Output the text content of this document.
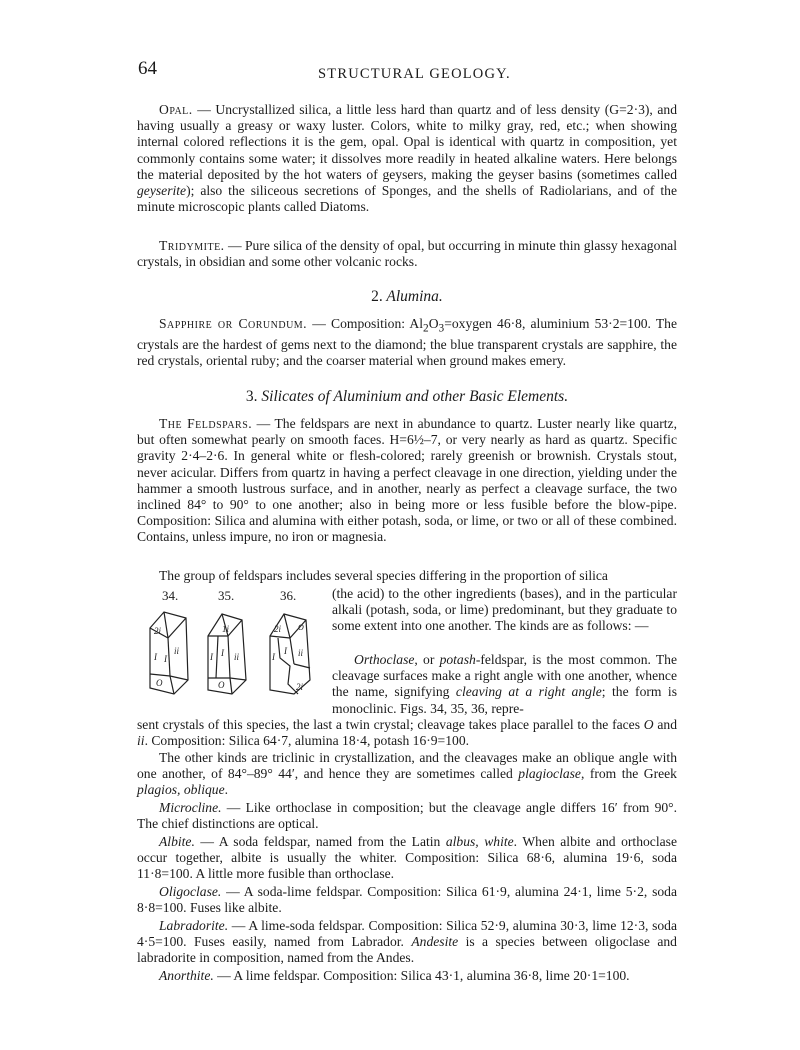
64	STRUCTURAL GEOLOGY.

Opal. — Uncrystallized silica, a little less hard than quartz and of less density (G=2·3), and having usually a greasy or waxy luster. Colors, white to milky gray, red, etc.; when showing internal colored reflections it is the gem, opal. Opal is identical with quartz in composition, yet commonly contains some water; it dissolves more readily in heated alkaline waters. Here belongs the material deposited by the hot waters of geysers, making the geyser basins (sometimes called geyserite); also the siliceous secretions of Sponges, and the shells of Radiolarians, and of the minute microscopic plants called Diatoms.

Tridymite. — Pure silica of the density of opal, but occurring in minute thin glassy hexagonal crystals, in obsidian and some other volcanic rocks.

2. Alumina.

Sapphire or Corundum. — Composition: $Al_2O_3=oxygen$ 46·8, aluminium 53·2=100. The crystals are the hardest of gems next to the diamond; the blue transparent crystals are sapphire, the red crystals, oriental ruby; and the coarser material when ground makes emery.

3. Silicates of Aluminium and other Basic Elements.

The Feldspars. — The feldspars are next in abundance to quartz. Luster nearly like quartz, but often somewhat pearly on smooth faces. H=6½–7, or very nearly as hard as quartz. Specific gravity 2·4–2·6. In general white or flesh-colored; rarely greenish or brownish. Crystals stout, never acicular. Differs from quartz in having a perfect cleavage in one direction, yielding under the hammer a smooth lustrous surface, and in another, nearly as perfect a cleavage surface, the two inclined 84° to 90° to one another; also in being more or less fusible before the blow-pipe. Composition: Silica and alumina with either potash, soda, or lime, or two or all of these combined. Contains, unless impure, no iron or magnesia.

The group of feldspars includes several species differing in the proportion of silica

34.	35.	36.
2i
I
ii
I
O
1i
I I ii
O
2i O
I
I ii
2i

(the acid) to the other ingredients (bases), and in the particular alkali (potash, soda, or lime) predominant, but they graduate to some extent into one another. The kinds are as follows: —

Orthoclase, or potash-feldspar, is the most common. The cleavage surfaces make a right angle with one another, whence the name, signifying cleaving at a right angle; the form is monoclinic. Figs. 34, 35, 36, repre-

sent crystals of this species, the last a twin crystal; cleavage takes place parallel to the faces O and ii. Composition: Silica 64·7, alumina 18·4, potash 16·9=100.

The other kinds are triclinic in crystallization, and the cleavages make an oblique angle with one another, of 84°–89° 44′, and hence they are sometimes called plagioclase, from the Greek plagios, oblique.

Microcline. — Like orthoclase in composition; but the cleavage angle differs 16′ from 90°. The chief distinctions are optical.

Albite. — A soda feldspar, named from the Latin albus, white. When albite and orthoclase occur together, albite is usually the whiter. Composition: Silica 68·6, alumina 19·6, soda 11·8=100. A little more fusible than orthoclase.

Oligoclase. — A soda-lime feldspar. Composition: Silica 61·9, alumina 24·1, lime 5·2, soda 8·8=100. Fuses like albite.

Labradorite. — A lime-soda feldspar. Composition: Silica 52·9, alumina 30·3, lime 12·3, soda 4·5=100. Fuses easily, named from Labrador. Andesite is a species between oligoclase and labradorite in composition, named from the Andes.

Anorthite. — A lime feldspar. Composition: Silica 43·1, alumina 36·8, lime 20·1=100.
